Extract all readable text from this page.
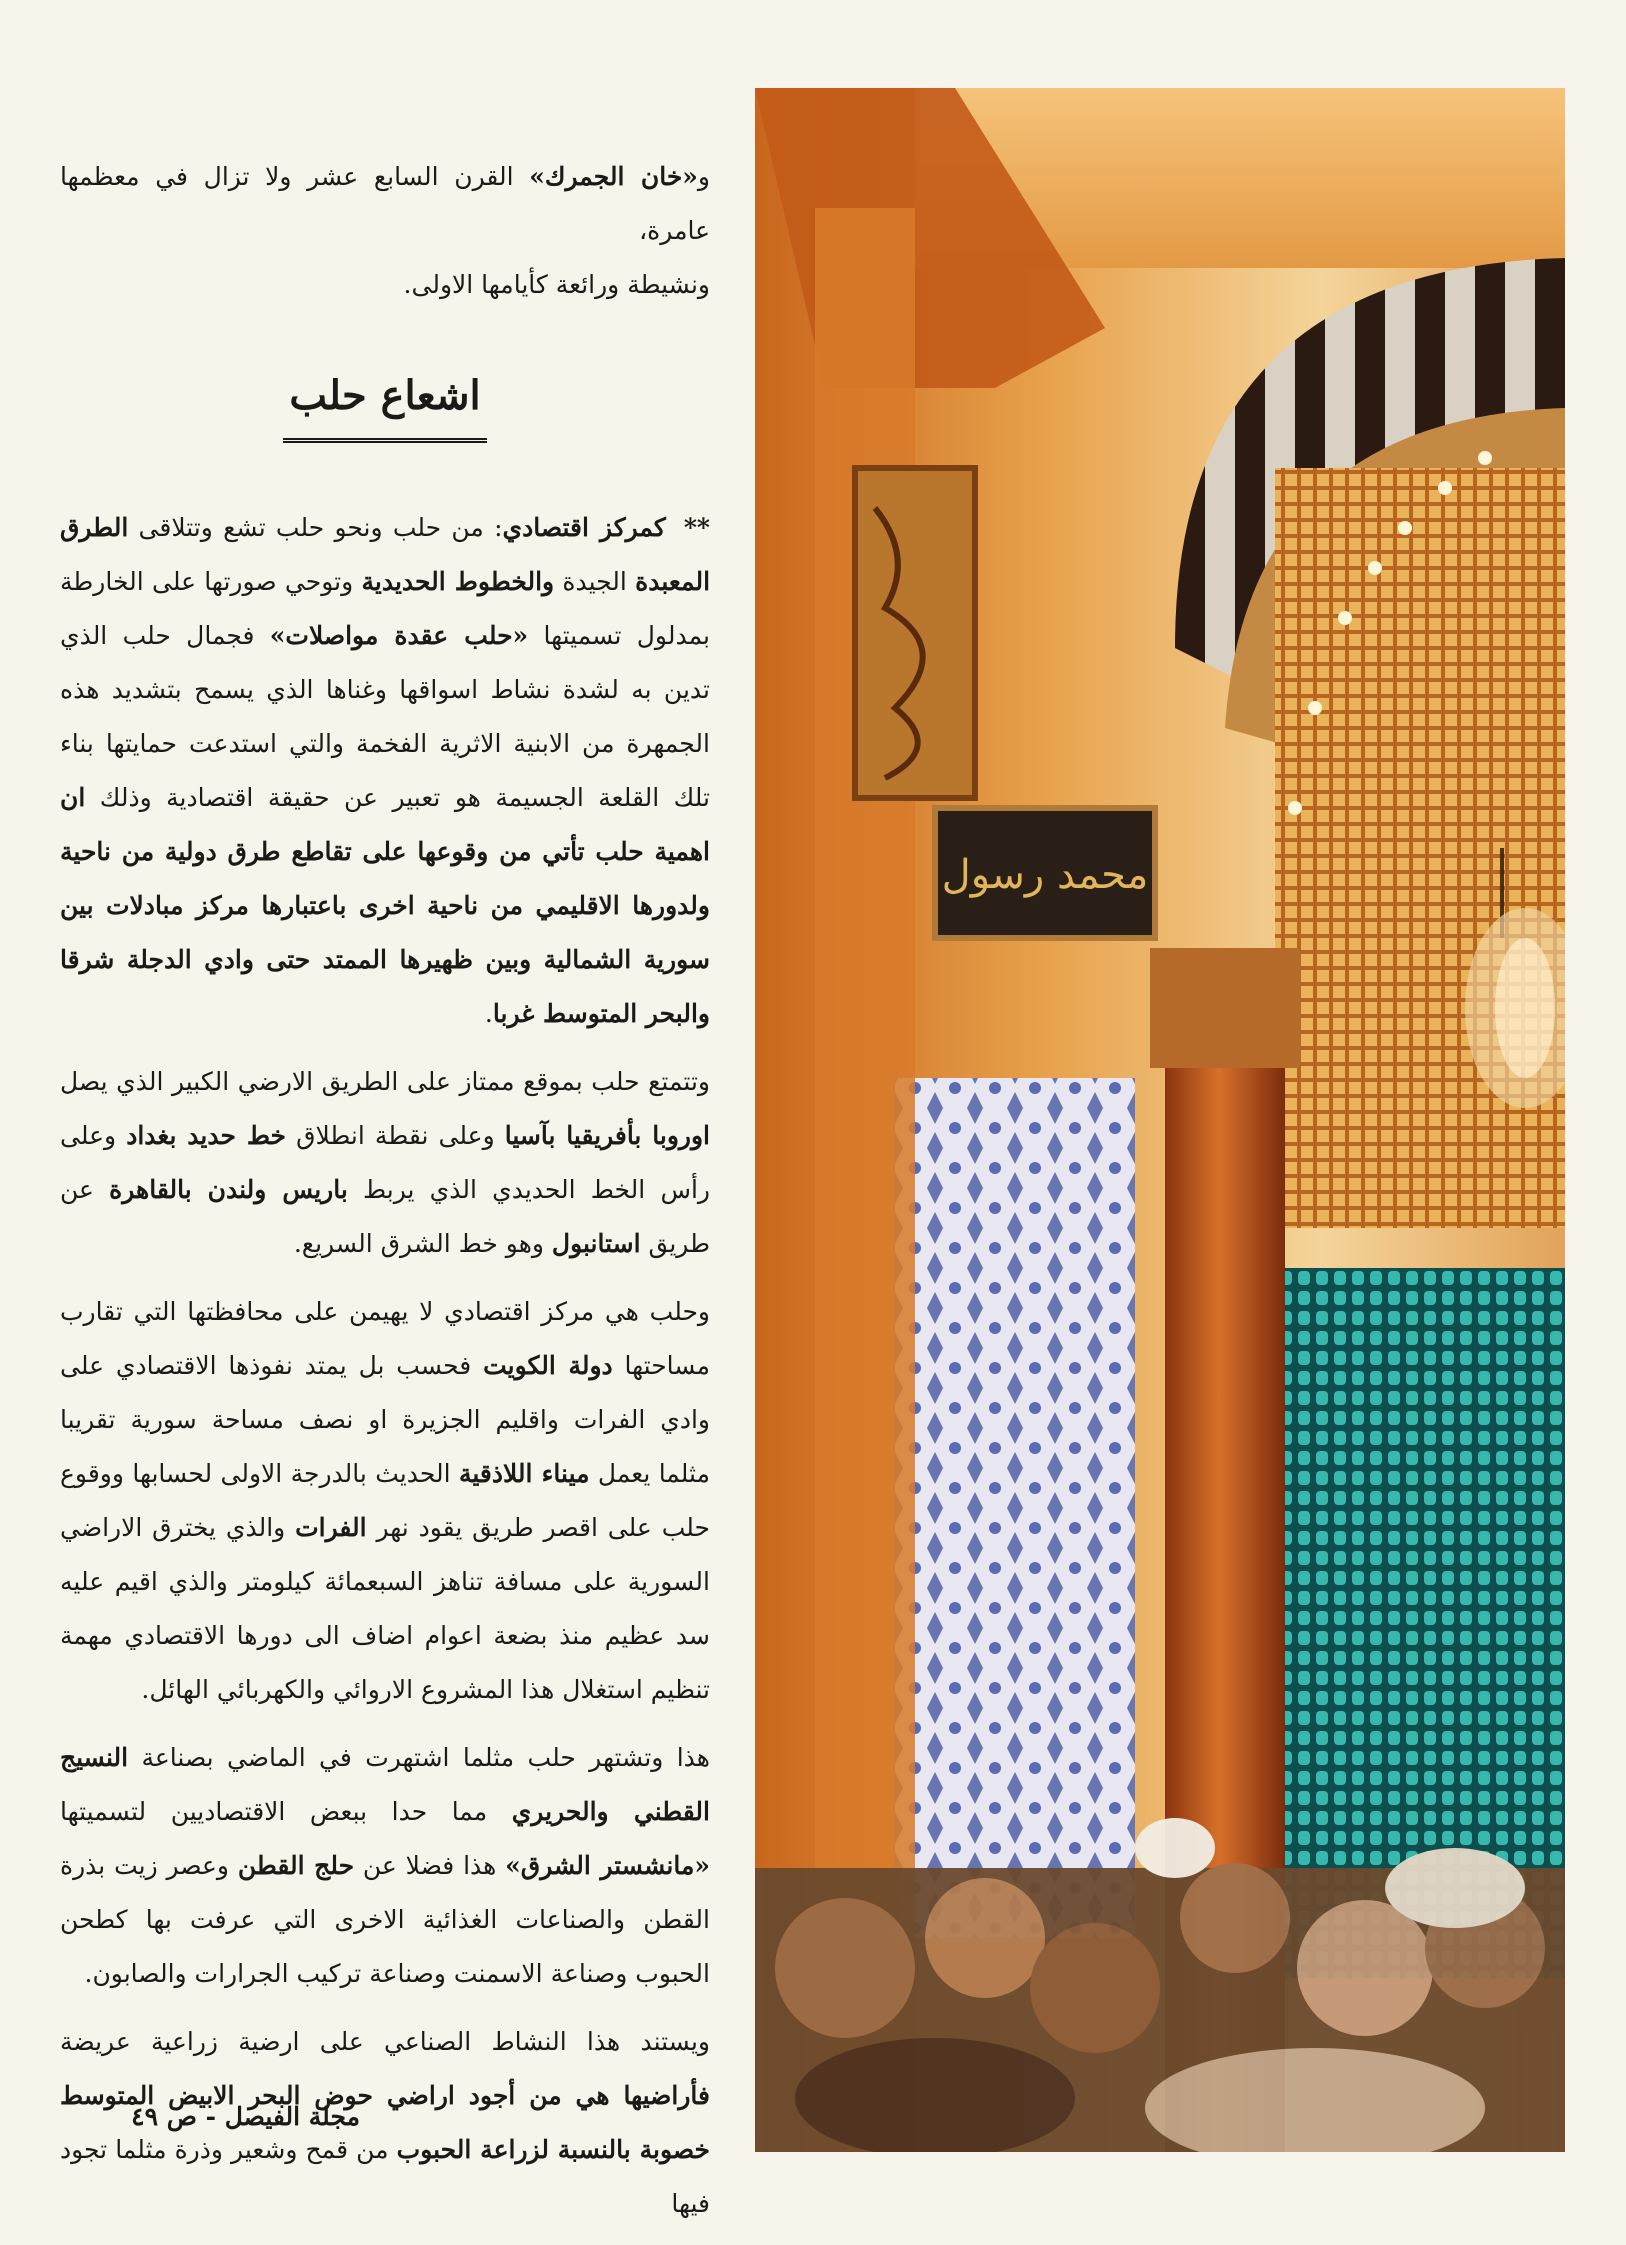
و«خان الجمرك» القرن السابع عشر ولا تزال في معظمها عامرة،

ونشيطة ورائعة كأيامها الاولى.

اشعاع حلب

**كمركز اقتصادي: من حلب ونحو حلب تشع وتتلاقى الطرق المعبدة الجيدة والخطوط الحديدية وتوحي صورتها على الخارطة بمدلول تسميتها «حلب عقدة مواصلات» فجمال حلب الذي تدين به لشدة نشاط اسواقها وغناها الذي يسمح بتشديد هذه الجمهرة من الابنية الاثرية الفخمة والتي استدعت حمايتها بناء تلك القلعة الجسيمة هو تعبير عن حقيقة اقتصادية وذلك ان اهمية حلب تأتي من وقوعها على تقاطع طرق دولية من ناحية ولدورها الاقليمي من ناحية اخرى باعتبارها مركز مبادلات بين سورية الشمالية وبين ظهيرها الممتد حتى وادي الدجلة شرقا والبحر المتوسط غربا.

وتتمتع حلب بموقع ممتاز على الطريق الارضي الكبير الذي يصل اوروبا بأفريقيا بآسيا وعلى نقطة انطلاق خط حديد بغداد وعلى رأس الخط الحديدي الذي يربط باريس ولندن بالقاهرة عن طريق استانبول وهو خط الشرق السريع.

وحلب هي مركز اقتصادي لا يهيمن على محافظتها التي تقارب مساحتها دولة الكويت فحسب بل يمتد نفوذها الاقتصادي على وادي الفرات واقليم الجزيرة او نصف مساحة سورية تقريبا مثلما يعمل ميناء اللاذقية الحديث بالدرجة الاولى لحسابها ووقوع حلب على اقصر طريق يقود نهر الفرات والذي يخترق الاراضي السورية على مسافة تناهز السبعمائة كيلومتر والذي اقيم عليه سد عظيم منذ بضعة اعوام اضاف الى دورها الاقتصادي مهمة تنظيم استغلال هذا المشروع الاروائي والكهربائي الهائل.

هذا وتشتهر حلب مثلما اشتهرت في الماضي بصناعة النسيج القطني والحريري مما حدا ببعض الاقتصاديين لتسميتها «مانشستر الشرق» هذا فضلا عن حلج القطن وعصر زيت بذرة القطن والصناعات الغذائية الاخرى التي عرفت بها كطحن الحبوب وصناعة الاسمنت وصناعة تركيب الجرارات والصابون.

ويستند هذا النشاط الصناعي على ارضية زراعية عريضة فأراضيها هي من أجود اراضي حوض البحر الابيض المتوسط خصوبة بالنسبة لزراعة الحبوب من قمح وشعير وذرة مثلما تجود فيها

مجلة الفيصل - ص ٤٩
محمد رسول
